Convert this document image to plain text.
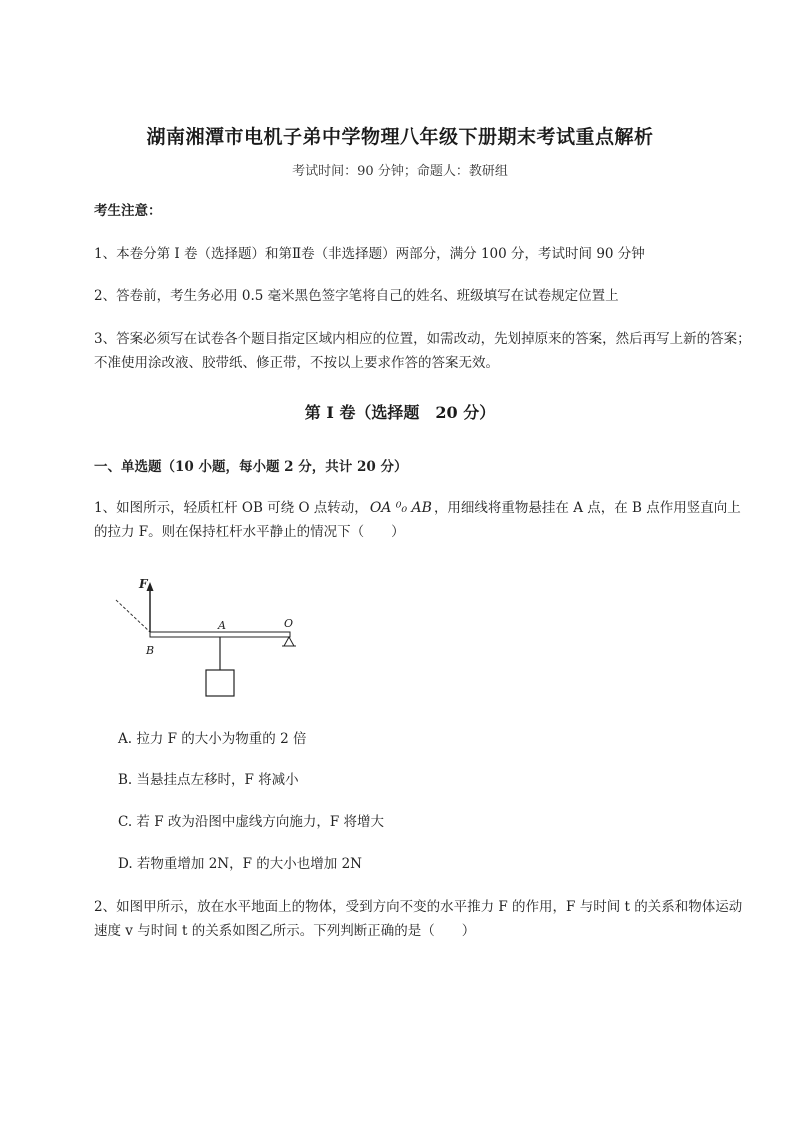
湖南湘潭市电机子弟中学物理八年级下册期末考试重点解析
考试时间：90 分钟；命题人：教研组
考生注意：
1、本卷分第 I 卷（选择题）和第Ⅱ卷（非选择题）两部分，满分 100 分，考试时间 90 分钟
2、答卷前，考生务必用 0.5 毫米黑色签字笔将自己的姓名、班级填写在试卷规定位置上
3、答案必须写在试卷各个题目指定区域内相应的位置，如需改动，先划掉原来的答案，然后再写上新的答案；不准使用涂改液、胶带纸、修正带，不按以上要求作答的答案无效。
第 I 卷（选择题　20 分）
一、单选题（10 小题，每小题 2 分，共计 20 分）
1、如图所示，轻质杠杆 OB 可绕 O 点转动， OA ⁰₀ AB ，用细线将重物悬挂在 A 点，在 B 点作用竖直向上的拉力 F。则在保持杠杆水平静止的情况下（　　）
F
A	O
B
A. 拉力 F 的大小为物重的 2 倍
B. 当悬挂点左移时，F 将减小
C. 若 F 改为沿图中虚线方向施力，F 将增大
D. 若物重增加 2N，F 的大小也增加 2N
2、如图甲所示，放在水平地面上的物体，受到方向不变的水平推力 F 的作用，F 与时间 t 的关系和物体运动速度 v 与时间 t 的关系如图乙所示。下列判断正确的是（　　）
